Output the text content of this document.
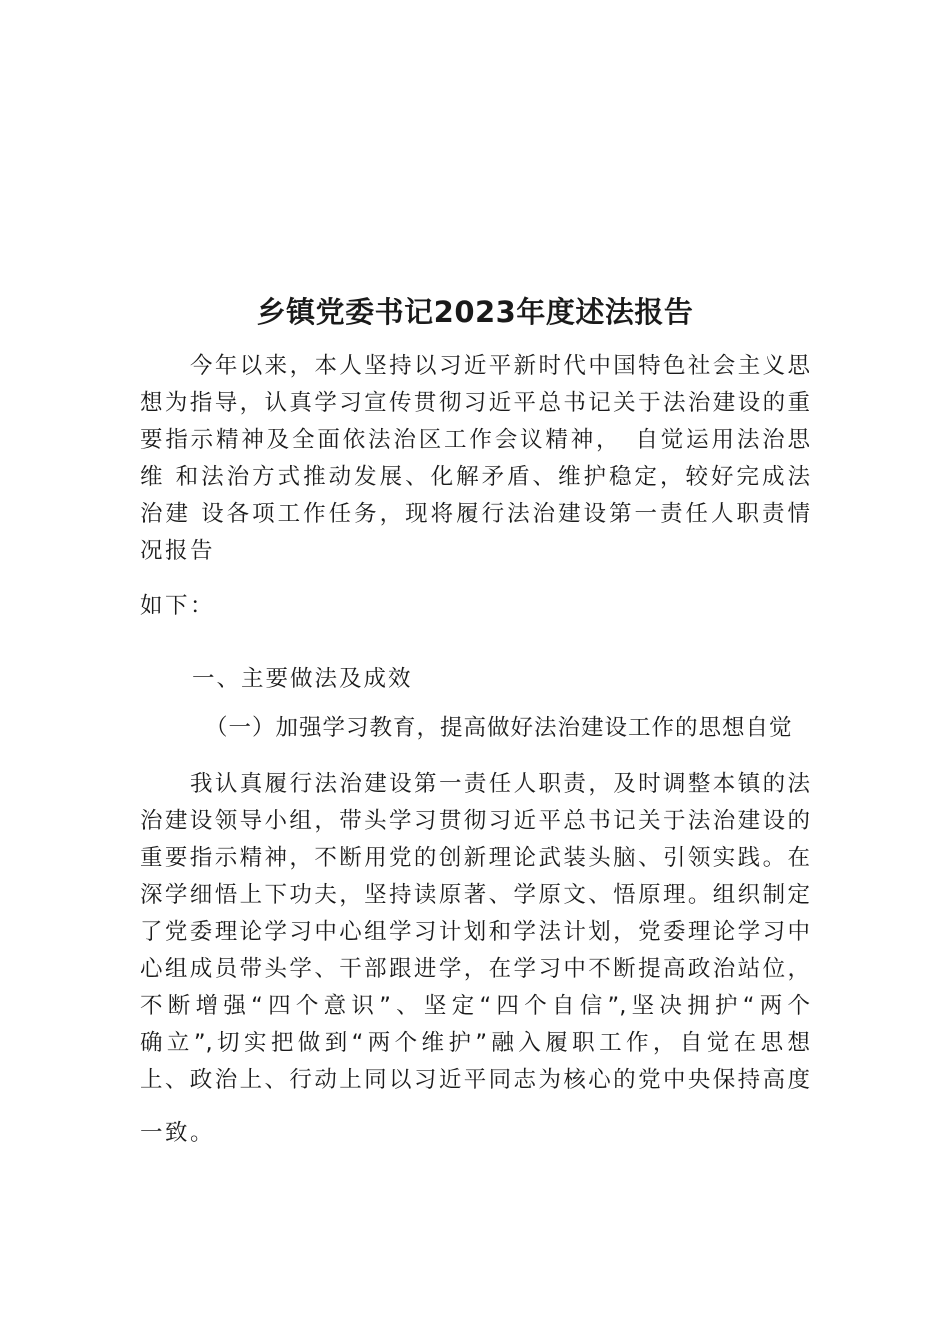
乡镇党委书记2023年度述法报告
今年以来，本人坚持以习近平新时代中国特色社会主义思
想为指导，认真学习宣传贯彻习近平总书记关于法治建设的重
要指示精神及全面依法治区工作会议精神，　自觉运用法治思
维 和法治方式推动发展、化解矛盾、维护稳定，较好完成法
治建 设各项工作任务，现将履行法治建设第一责任人职责情
况报告
如下：
一、主要做法及成效
（一）加强学习教育，提高做好法治建设工作的思想自觉
我认真履行法治建设第一责任人职责，及时调整本镇的法
治建设领导小组，带头学习贯彻习近平总书记关于法治建设的
重要指示精神，不断用党的创新理论武装头脑、引领实践。在
深学细悟上下功夫，坚持读原著、学原文、悟原理。组织制定
了党委理论学习中心组学习计划和学法计划，党委理论学习中
心组成员带头学、干部跟进学，在学习中不断提高政治站位，
不断增强“四个意识”、坚定“四个自信”,坚决拥护“两个
确立”,切实把做到“两个维护”融入履职工作，自觉在思想
上、政治上、行动上同以习近平同志为核心的党中央保持高度
一致。
